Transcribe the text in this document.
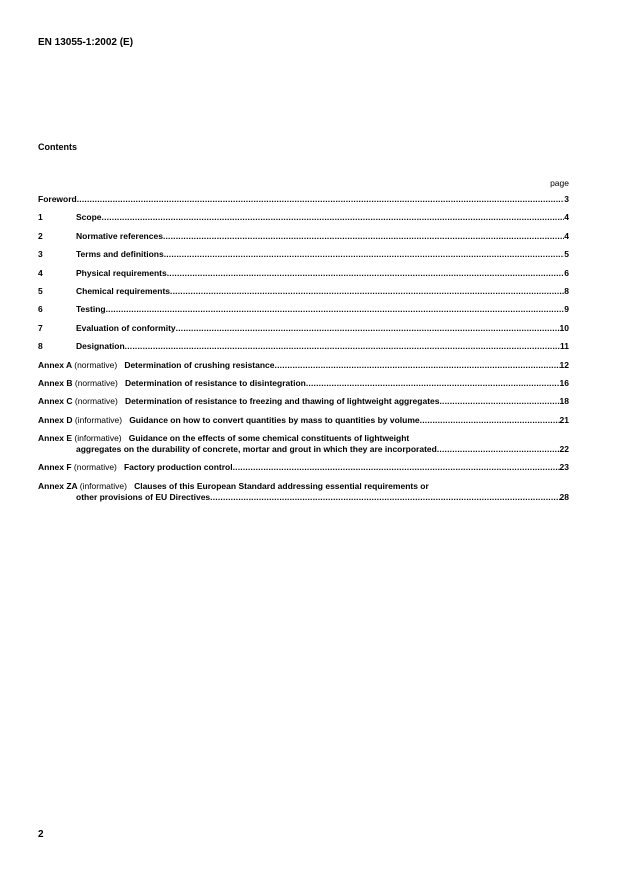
EN 13055-1:2002 (E)
Contents
page
Foreword .....	3
1	Scope .....	4
2	Normative references .....	4
3	Terms and definitions .....	5
4	Physical requirements .....	6
5	Chemical requirements .....	8
6	Testing .....	9
7	Evaluation of conformity .....	10
8	Designation .....	11
Annex A (normative) Determination of crushing resistance .....	12
Annex B (normative) Determination of resistance to disintegration .....	16
Annex C (normative) Determination of resistance to freezing and thawing of lightweight aggregates .....	18
Annex D (informative) Guidance on how to convert quantities by mass to quantities by volume .....	21
Annex E (informative) Guidance on the effects of some chemical constituents of lightweight
aggregates on the durability of concrete, mortar and grout in which they are incorporated .....	22
Annex F (normative) Factory production control .....	23
Annex ZA (informative) Clauses of this European Standard addressing essential requirements or
other provisions of EU Directives .....	28
2
